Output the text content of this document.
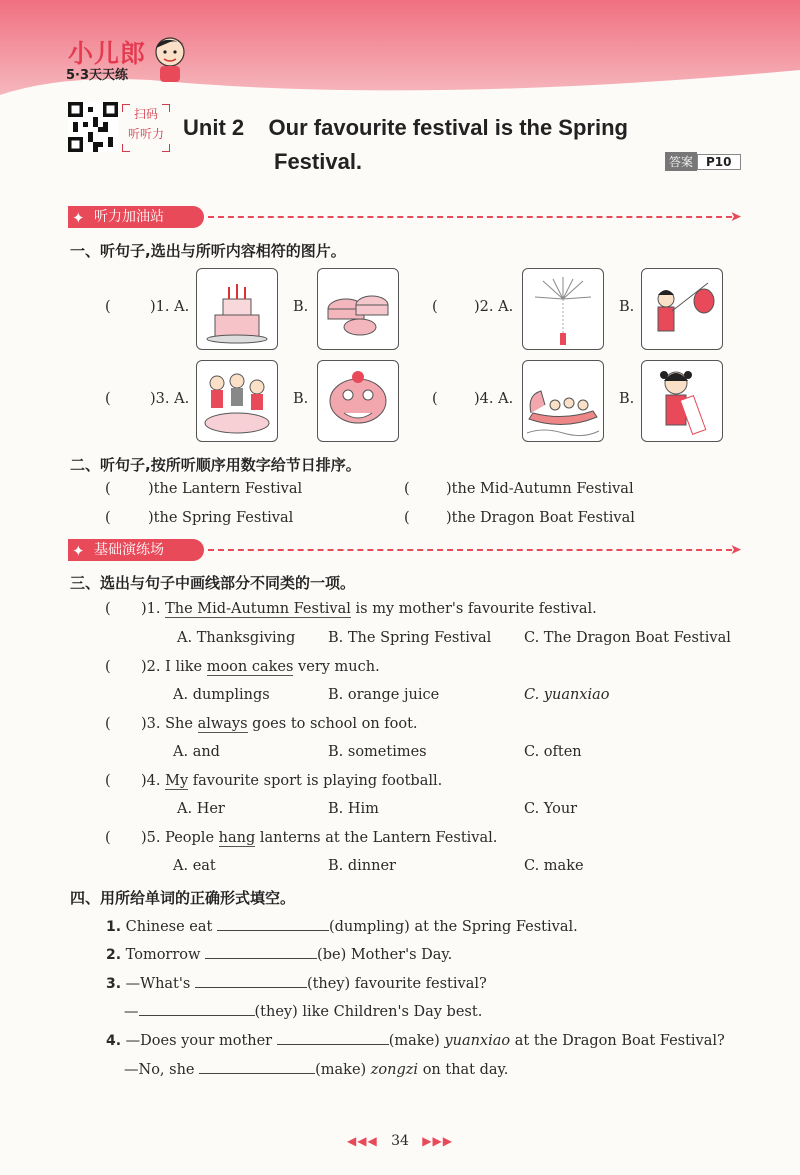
小儿郎
5·3天天练
扫码
听听力 Unit 2    Our favourite festival is the Spring
Festival.	答案 P10
✦ 听力加油站	➤
一、听句子,选出与所听内容相符的图片。
(	)1. A.	B.	(	)2. A.	B.
(	)3. A.	B.	(	)4. A.	B.
二、听句子,按所听顺序用数字给节日排序。
(	)the Lantern Festival	(	)the Mid-Autumn Festival
(	)the Spring Festival	(	)the Dragon Boat Festival
✦ 基础演练场	➤
三、选出与句子中画线部分不同类的一项。
( )1. The Mid-Autumn Festival is my mother's favourite festival.
A. Thanksgiving B. The Spring Festival C. The Dragon Boat Festival
( )2. I like moon cakes very much.
A. dumplings	B. orange juice	C. yuanxiao
( )3. She always goes to school on foot.
A. and	B. sometimes	C. often
( )4. My favourite sport is playing football.
A. Her	B. Him	C. Your
( )5. People hang lanterns at the Lantern Festival.
A. eat	B. dinner	C. make
四、用所给单词的正确形式填空。
1. Chinese eat	(dumpling) at the Spring Festival.
2. Tomorrow	(be) Mother's Day.
3. —What's	(they) favourite festival?
—	(they) like Children's Day best.
4. —Does your mother	(make) yuanxiao at the Dragon Boat Festival?
—No, she	(make) zongzi on that day.
◀◀◀ 34 ▶▶▶
